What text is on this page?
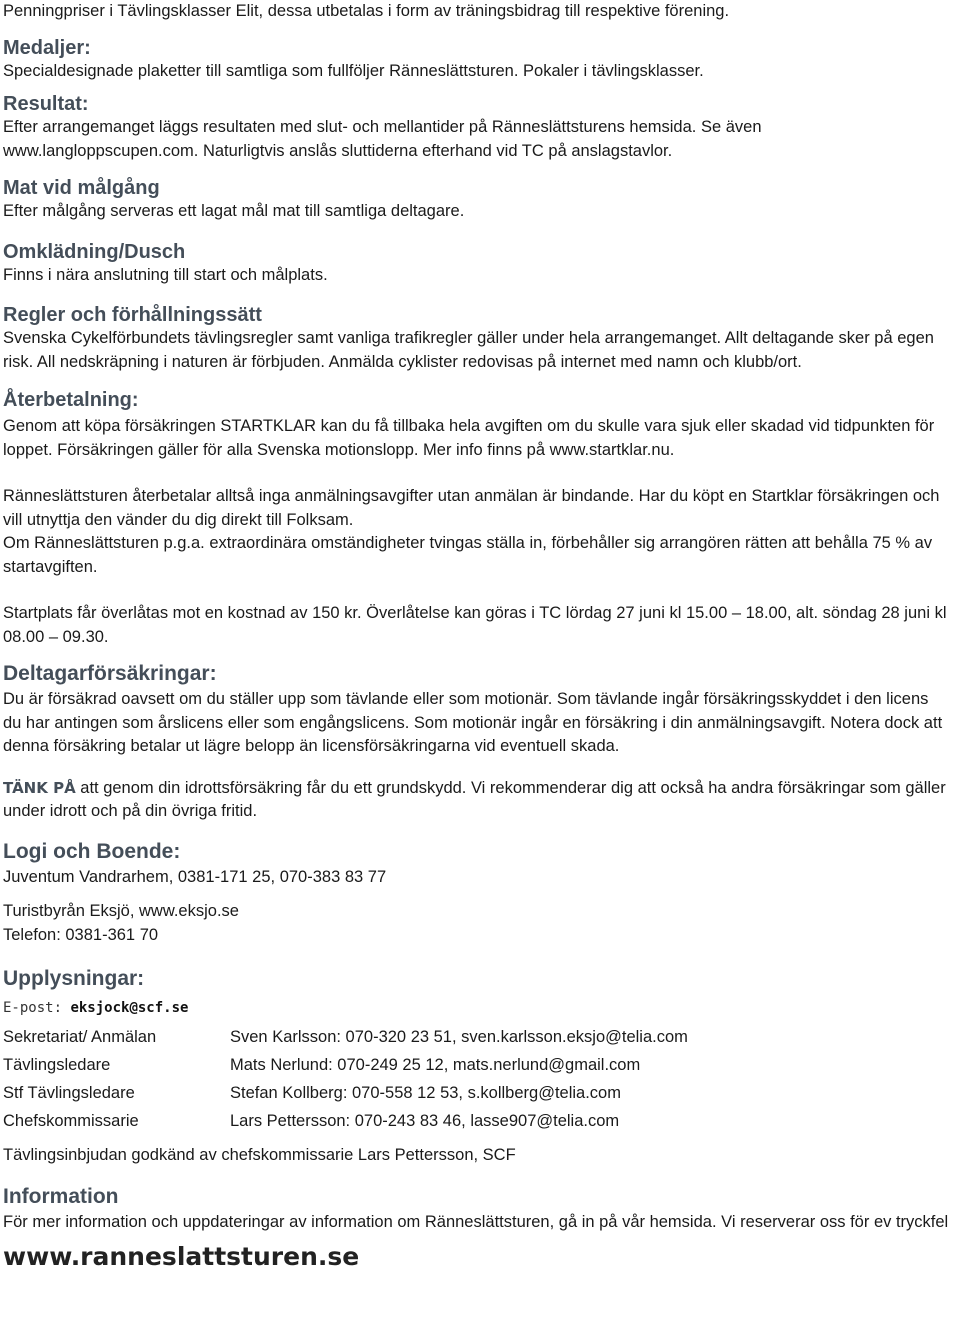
Penningpriser i Tävlingsklasser Elit, dessa utbetalas i form av träningsbidrag till respektive förening.

Medaljer:

Specialdesignade plaketter till samtliga som fullföljer Ränneslättsturen. Pokaler i tävlingsklasser.

Resultat:

Efter arrangemanget läggs resultaten med slut- och mellantider på Ränneslättsturens hemsida. Se även www.langloppscupen.com. Naturligtvis anslås sluttiderna efterhand vid TC på anslagstavlor.

Mat vid målgång

Efter målgång serveras ett lagat mål mat till samtliga deltagare.

Omklädning/Dusch

Finns i nära anslutning till start och målplats.

Regler och förhållningssätt

Svenska Cykelförbundets tävlingsregler samt vanliga trafikregler gäller under hela arrangemanget. Allt deltagande sker på egen risk. All nedskräpning i naturen är förbjuden. Anmälda cyklister redovisas på internet med namn och klubb/ort.

Återbetalning:

Genom att köpa försäkringen STARTKLAR kan du få tillbaka hela avgiften om du skulle vara sjuk eller skadad vid tidpunkten för loppet. Försäkringen gäller för alla Svenska motionslopp. Mer info finns på www.startklar.nu.

Ränneslättsturen återbetalar alltså inga anmälningsavgifter utan anmälan är bindande. Har du köpt en Startklar försäkringen och vill utnyttja den vänder du dig direkt till Folksam.

Om Ränneslättsturen p.g.a. extraordinära omständigheter tvingas ställa in, förbehåller sig arrangören rätten att behålla 75 % av startavgiften.

Startplats får överlåtas mot en kostnad av 150 kr. Överlåtelse kan göras i TC lördag 27 juni kl 15.00 – 18.00, alt. söndag 28 juni kl 08.00 – 09.30.

Deltagarförsäkringar:

Du är försäkrad oavsett om du ställer upp som tävlande eller som motionär. Som tävlande ingår försäkringsskyddet i den licens du har antingen som årslicens eller som engångslicens. Som motionär ingår en försäkring i din anmälningsavgift. Notera dock att denna försäkring betalar ut lägre belopp än licensförsäkringarna vid eventuell skada.

TÄNK PÅ att genom din idrottsförsäkring får du ett grundskydd. Vi rekommenderar dig att också ha andra försäkringar som gäller under idrott och på din övriga fritid.

Logi och Boende:

Juventum Vandrarhem, 0381-171 25, 070-383 83 77

Turistbyrån Eksjö, www.eksjo.se

Telefon: 0381-361 70

Upplysningar:

E-post: eksjock@scf.se

Sekretariat/ Anmälan	Sven Karlsson: 070-320 23 51, sven.karlsson.eksjo@telia.com
Tävlingsledare	Mats Nerlund: 070-249 25 12, mats.nerlund@gmail.com
Stf Tävlingsledare	Stefan Kollberg: 070-558 12 53, s.kollberg@telia.com
Chefskommissarie	Lars Pettersson: 070-243 83 46, lasse907@telia.com

Tävlingsinbjudan godkänd av chefskommissarie Lars Pettersson, SCF

Information

För mer information och uppdateringar av information om Ränneslättsturen, gå in på vår hemsida. Vi reserverar oss för ev tryckfel

www.ranneslattsturen.se
